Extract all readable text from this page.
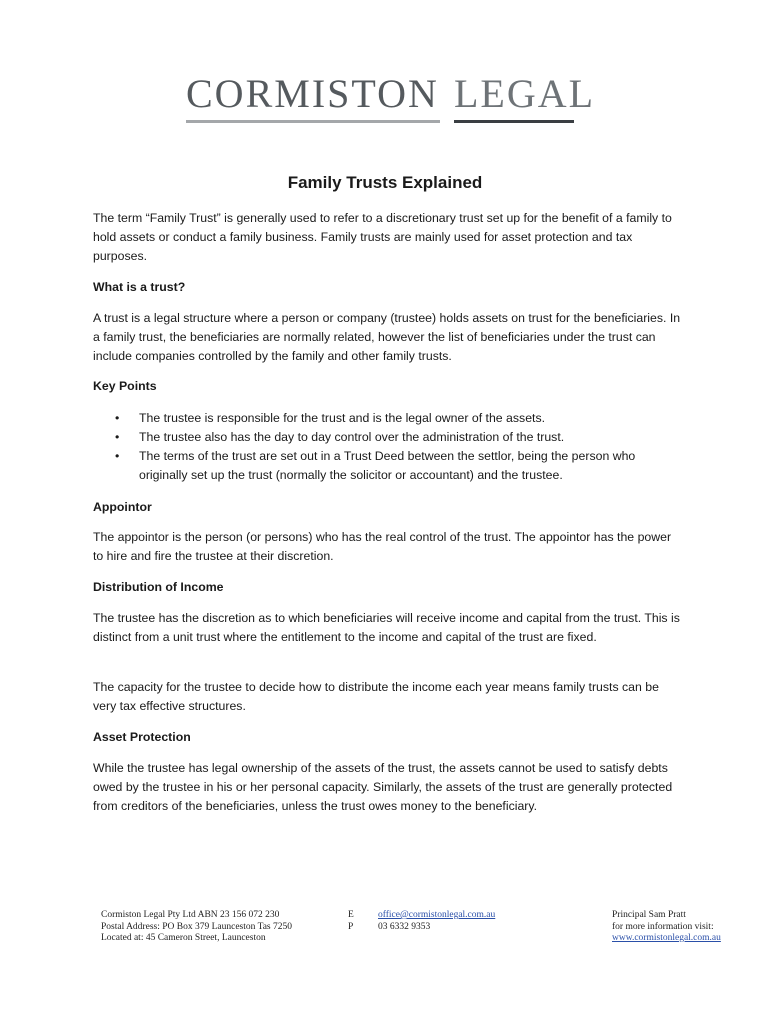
CORMISTON LEGAL
Family Trusts Explained

The term “Family Trust” is generally used to refer to a discretionary trust set up for the benefit of a family to hold assets or conduct a family business. Family trusts are mainly used for asset protection and tax purposes.

What is a trust?

A trust is a legal structure where a person or company (trustee) holds assets on trust for the beneficiaries. In a family trust, the beneficiaries are normally related, however the list of beneficiaries under the trust can include companies controlled by the family and other family trusts.

Key Points

• The trustee is responsible for the trust and is the legal owner of the assets.
• The trustee also has the day to day control over the administration of the trust.
• The terms of the trust are set out in a Trust Deed between the settlor, being the person who originally set up the trust (normally the solicitor or accountant) and the trustee.

Appointor

The appointor is the person (or persons) who has the real control of the trust. The appointor has the power to hire and fire the trustee at their discretion.

Distribution of Income

The trustee has the discretion as to which beneficiaries will receive income and capital from the trust. This is distinct from a unit trust where the entitlement to the income and capital of the trust are fixed.

The capacity for the trustee to decide how to distribute the income each year means family trusts can be very tax effective structures.

Asset Protection

While the trustee has legal ownership of the assets of the trust, the assets cannot be used to satisfy debts owed by the trustee in his or her personal capacity. Similarly, the assets of the trust are generally protected from creditors of the beneficiaries, unless the trust owes money to the beneficiary.

Cormiston Legal Pty Ltd ABN 23 156 072 230
Postal Address: PO Box 379 Launceston Tas 7250
Located at: 45 Cameron Street, Launceston
E
P
office@cormistonlegal.com.au
03 6332 9353
Principal Sam Pratt
for more information visit:
www.cormistonlegal.com.au
